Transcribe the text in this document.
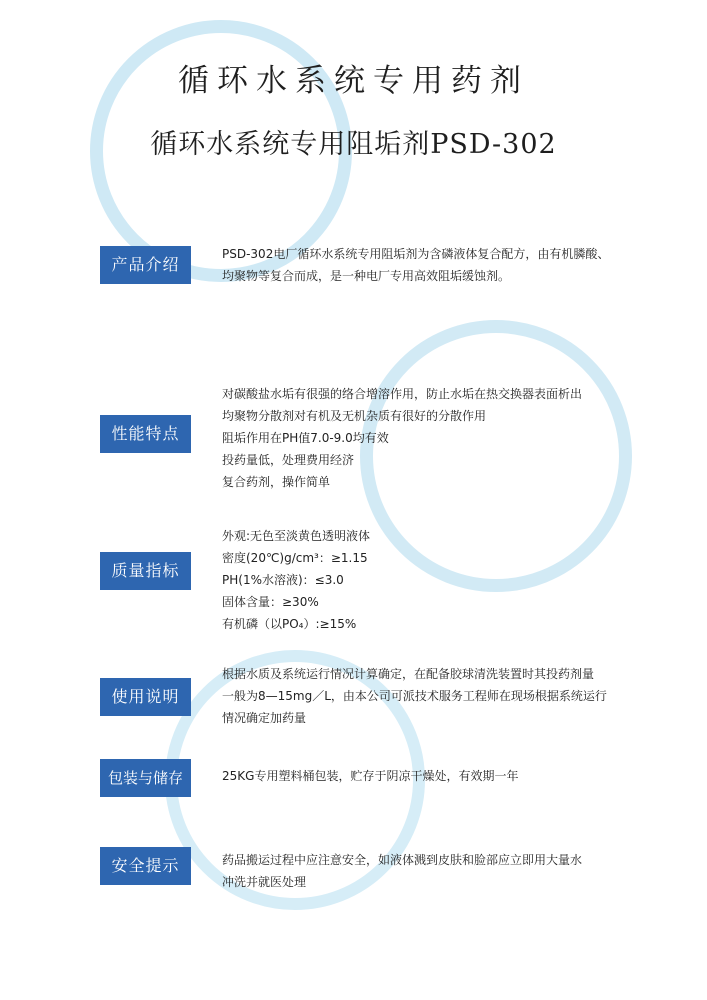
循环水系统专用药剂
循环水系统专用阻垢剂PSD-302
产品介绍
PSD-302电厂循环水系统专用阻垢剂为含磷液体复合配方，由有机膦酸、
均聚物等复合而成，是一种电厂专用高效阻垢缓蚀剂。
性能特点
对碳酸盐水垢有很强的络合增溶作用，防止水垢在热交换器表面析出
均聚物分散剂对有机及无机杂质有很好的分散作用
阻垢作用在PH值7.0-9.0均有效
投药量低，处理费用经济
复合药剂，操作简单
质量指标
外观:无色至淡黄色透明液体
密度(20℃)g/cm³：≥1.15
PH(1%水溶液)：≤3.0
固体含量：≥30%
有机磷（以PO₄）:≥15%
使用说明
根据水质及系统运行情况计算确定，在配备胶球清洗装置时其投药剂量
一般为8—15mg／L，由本公司可派技术服务工程师在现场根据系统运行
情况确定加药量
包装与储存	25KG专用塑料桶包装，贮存于阴凉干燥处，有效期一年
安全提示	药品搬运过程中应注意安全，如液体溅到皮肤和脸部应立即用大量水
冲洗并就医处理
